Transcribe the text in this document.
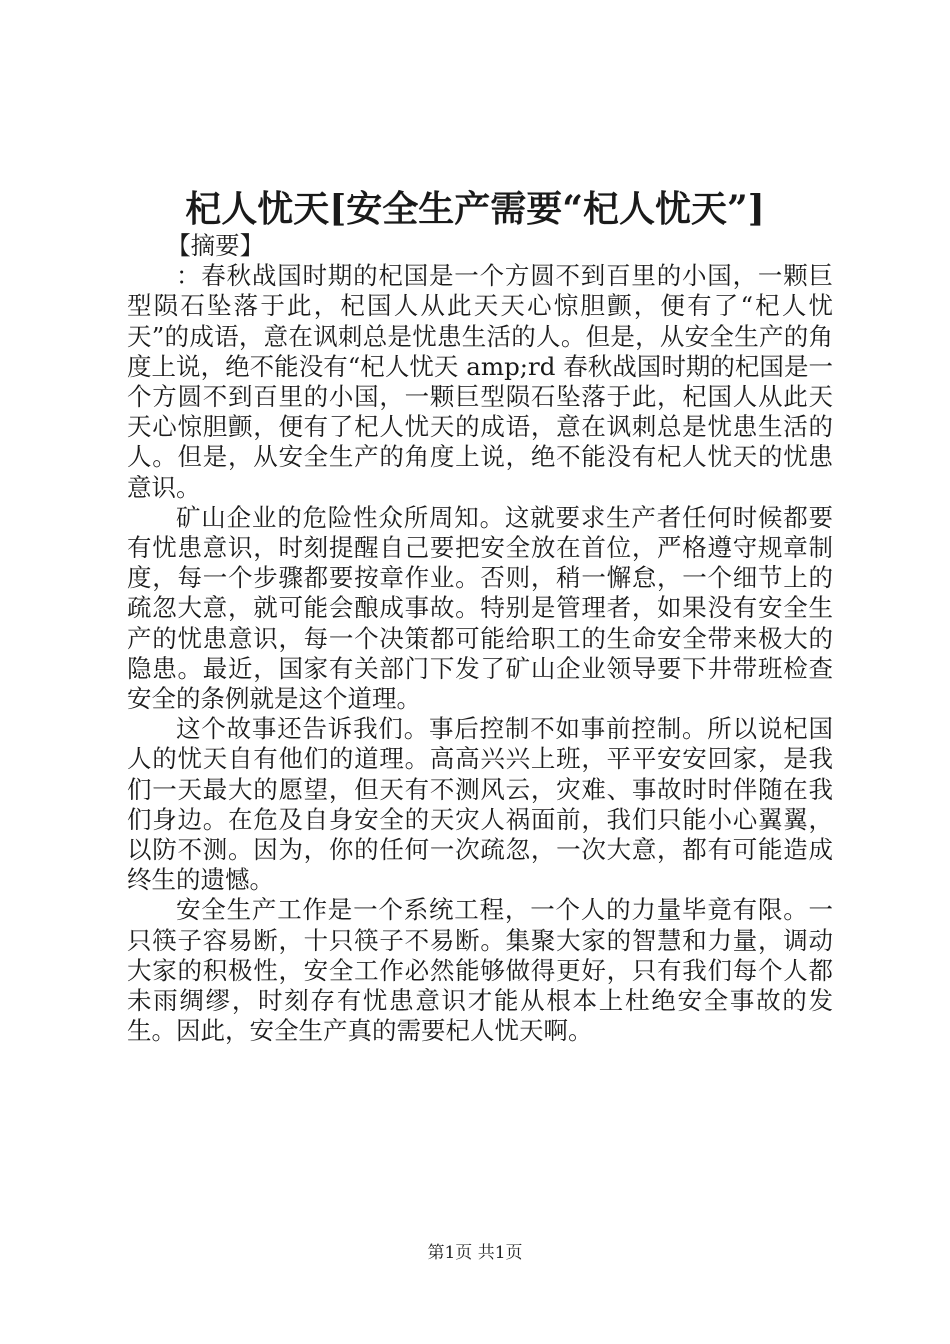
杞人忧天[安全生产需要“杞人忧天”]

【摘要】

：春秋战国时期的杞国是一个方圆不到百里的小国，一颗巨型陨石坠落于此，杞国人从此天天心惊胆颤，便有了“杞人忧天”的成语，意在讽刺总是忧患生活的人。但是，从安全生产的角度上说，绝不能没有“杞人忧天 amp;rd 春秋战国时期的杞国是一个方圆不到百里的小国，一颗巨型陨石坠落于此，杞国人从此天天心惊胆颤，便有了杞人忧天的成语，意在讽刺总是忧患生活的人。但是，从安全生产的角度上说，绝不能没有杞人忧天的忧患意识。

矿山企业的危险性众所周知。这就要求生产者任何时候都要有忧患意识，时刻提醒自己要把安全放在首位，严格遵守规章制度，每一个步骤都要按章作业。否则，稍一懈怠，一个细节上的疏忽大意，就可能会酿成事故。特别是管理者，如果没有安全生产的忧患意识，每一个决策都可能给职工的生命安全带来极大的隐患。最近，国家有关部门下发了矿山企业领导要下井带班检查安全的条例就是这个道理。

这个故事还告诉我们。事后控制不如事前控制。所以说杞国人的忧天自有他们的道理。高高兴兴上班，平平安安回家，是我们一天最大的愿望，但天有不测风云，灾难、事故时时伴随在我们身边。在危及自身安全的天灾人祸面前，我们只能小心翼翼，以防不测。因为，你的任何一次疏忽，一次大意，都有可能造成终生的遗憾。

安全生产工作是一个系统工程，一个人的力量毕竟有限。一只筷子容易断，十只筷子不易断。集聚大家的智慧和力量，调动大家的积极性，安全工作必然能够做得更好，只有我们每个人都未雨绸缪，时刻存有忧患意识才能从根本上杜绝安全事故的发生。因此，安全生产真的需要杞人忧天啊。

第1页 共1页
